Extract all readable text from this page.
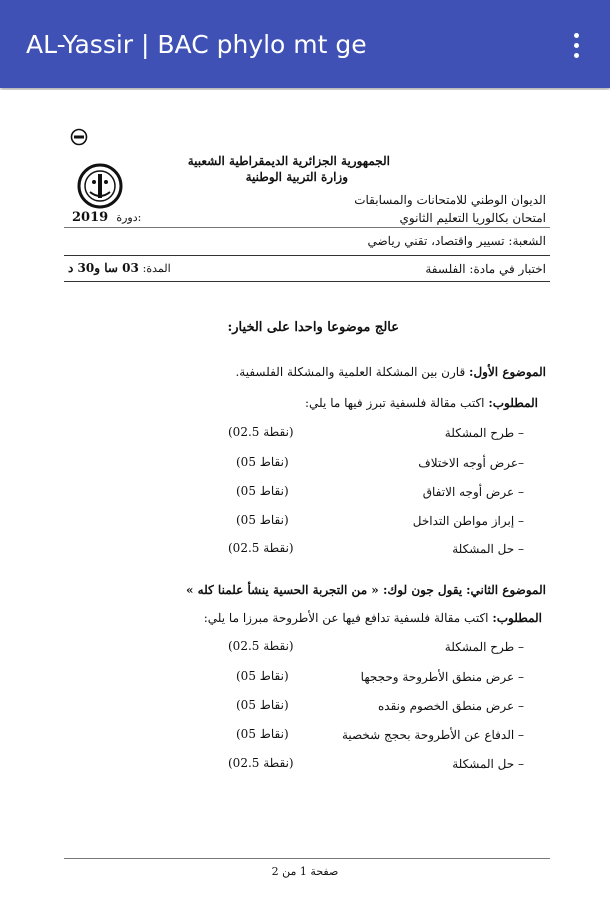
AL-Yassir | BAC phylo mt ge
الجمهورية الجزائرية الديمقراطية الشعبية
وزارة التربية الوطنية
الديوان الوطني للامتحانات والمسابقات
امتحان بكالوريا التعليم الثانوي
2019 دورة:
الشعبة: تسيير واقتصاد، تقني رياضي
اختبار في مادة: الفلسفة
المدة: 03 سا و30 د
عالج موضوعا واحدا على الخيار:
الموضوع الأول: قارن بين المشكلة العلمية والمشكلة الفلسفية.
المطلوب: اكتب مقالة فلسفية تبرز فيها ما يلي:
– طرح المشكلة
(02.5 نقطة)
–عرض أوجه الاختلاف
(05 نقاط)
– عرض أوجه الاتفاق
(05 نقاط)
– إبراز مواطن التداخل
(05 نقاط)
– حل المشكلة
(02.5 نقطة)
الموضوع الثاني: يقول جون لوك: « من التجربة الحسية ينشأ علمنا كله »
المطلوب: اكتب مقالة فلسفية تدافع فيها عن الأطروحة مبرزا ما يلي:
– طرح المشكلة
(02.5 نقطة)
– عرض منطق الأطروحة وحججها
(05 نقاط)
– عرض منطق الخصوم ونقده
(05 نقاط)
– الدفاع عن الأطروحة بحجج شخصية
(05 نقاط)
– حل المشكلة
(02.5 نقطة)
صفحة 1 من 2
